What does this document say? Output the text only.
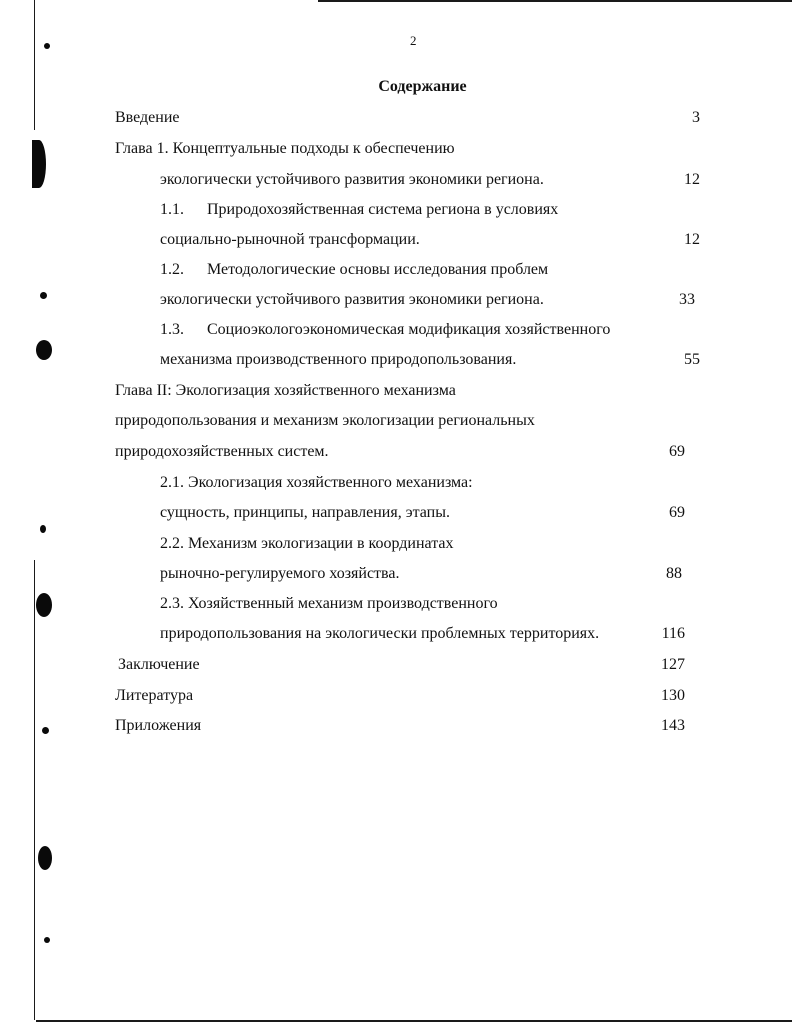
2
Содержание
Введение	3
Глава 1. Концептуальные подходы к обеспечению
экологически устойчивого развития экономики региона.	12
1.1. Природохозяйственная система региона в условиях
социально-рыночной трансформации.	12
1.2. Методологические основы исследования проблем
экологически устойчивого развития экономики региона.	33
1.3. Социоэкологоэкономическая модификация хозяйственного
механизма производственного природопользования.	55
Глава II: Экологизация хозяйственного механизма
природопользования и механизм экологизации региональных
природохозяйственных систем.	69
2.1. Экологизация хозяйственного механизма:
сущность, принципы, направления, этапы.	69
2.2. Механизм экологизации в координатах
рыночно-регулируемого хозяйства.	88
2.3. Хозяйственный механизм производственного
природопользования на экологически проблемных территориях.	116
Заключение	127
Литература	130
Приложения	143
